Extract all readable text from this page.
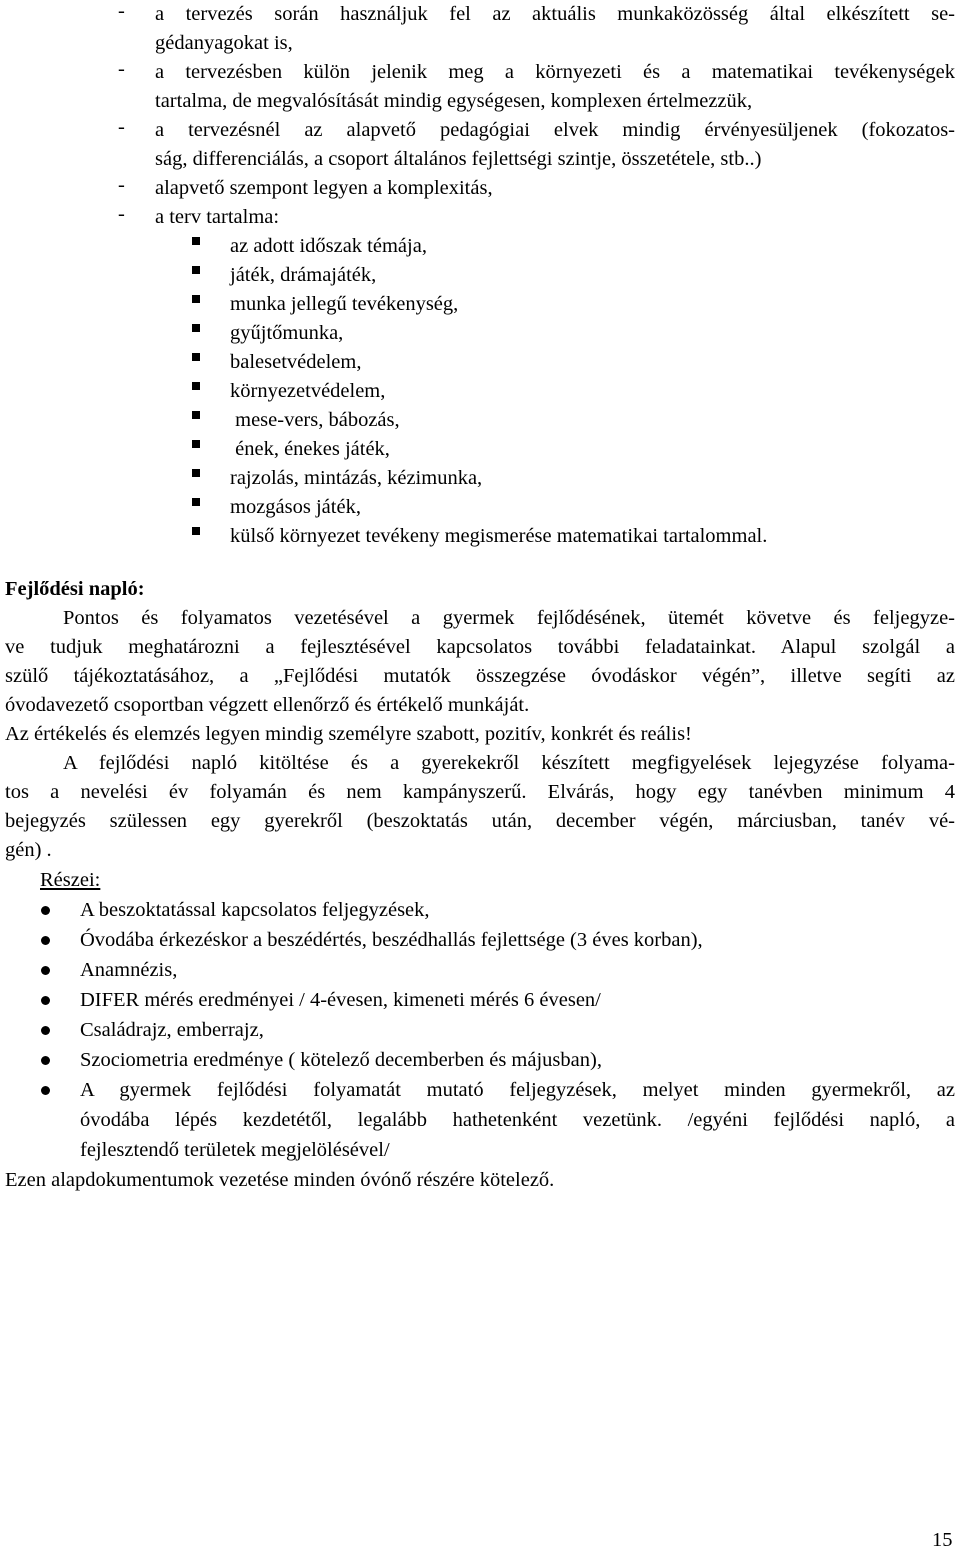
- a tervezés során használjuk fel az aktuális munkaközösség által elkészített se-
gédanyagokat is,
- a tervezésben külön jelenik meg a környezeti és a matematikai tevékenységek
tartalma, de megvalósítását mindig egységesen, komplexen értelmezzük,
- a tervezésnél az alapvető pedagógiai elvek mindig érvényesüljenek (fokozatos-
ság, differenciálás, a csoport általános fejlettségi szintje, összetétele, stb..)
- alapvető szempont legyen a komplexitás,
- a terv tartalma:
az adott időszak témája,
játék, drámajáték,
munka jellegű tevékenység,
gyűjtőmunka,
balesetvédelem,
környezetvédelem,
mese-vers, bábozás,
ének, énekes játék,
rajzolás, mintázás, kézimunka,
mozgásos játék,
külső környezet tevékeny megismerése matematikai tartalommal.
Fejlődési napló:
Pontos és folyamatos vezetésével a gyermek fejlődésének, ütemét követve és feljegyze-
ve tudjuk meghatározni a fejlesztésével kapcsolatos további feladatainkat. Alapul szolgál a
szülő tájékoztatásához, a „Fejlődési mutatók összegzése óvodáskor végén”, illetve segíti az
óvodavezető csoportban végzett ellenőrző és értékelő munkáját.
Az értékelés és elemzés legyen mindig személyre szabott, pozitív, konkrét és reális!
A fejlődési napló kitöltése és a gyerekekről készített megfigyelések lejegyzése folyama-
tos a nevelési év folyamán és nem kampányszerű. Elvárás, hogy egy tanévben minimum 4
bejegyzés szülessen egy gyerekről (beszoktatás után, december végén, márciusban, tanév vé-
gén) .
Részei:
A beszoktatással kapcsolatos feljegyzések,
Óvodába érkezéskor a beszédértés, beszédhallás fejlettsége (3 éves korban),
Anamnézis,
DIFER mérés eredményei / 4-évesen, kimeneti mérés 6 évesen/
Családrajz, emberrajz,
Szociometria eredménye ( kötelező decemberben és májusban),
A gyermek fejlődési folyamatát mutató feljegyzések, melyet minden gyermekről, az
óvodába lépés kezdetétől, legalább hathetenként vezetünk. /egyéni fejlődési napló, a
fejlesztendő területek megjelölésével/
Ezen alapdokumentumok vezetése minden óvónő részére kötelező.
15
